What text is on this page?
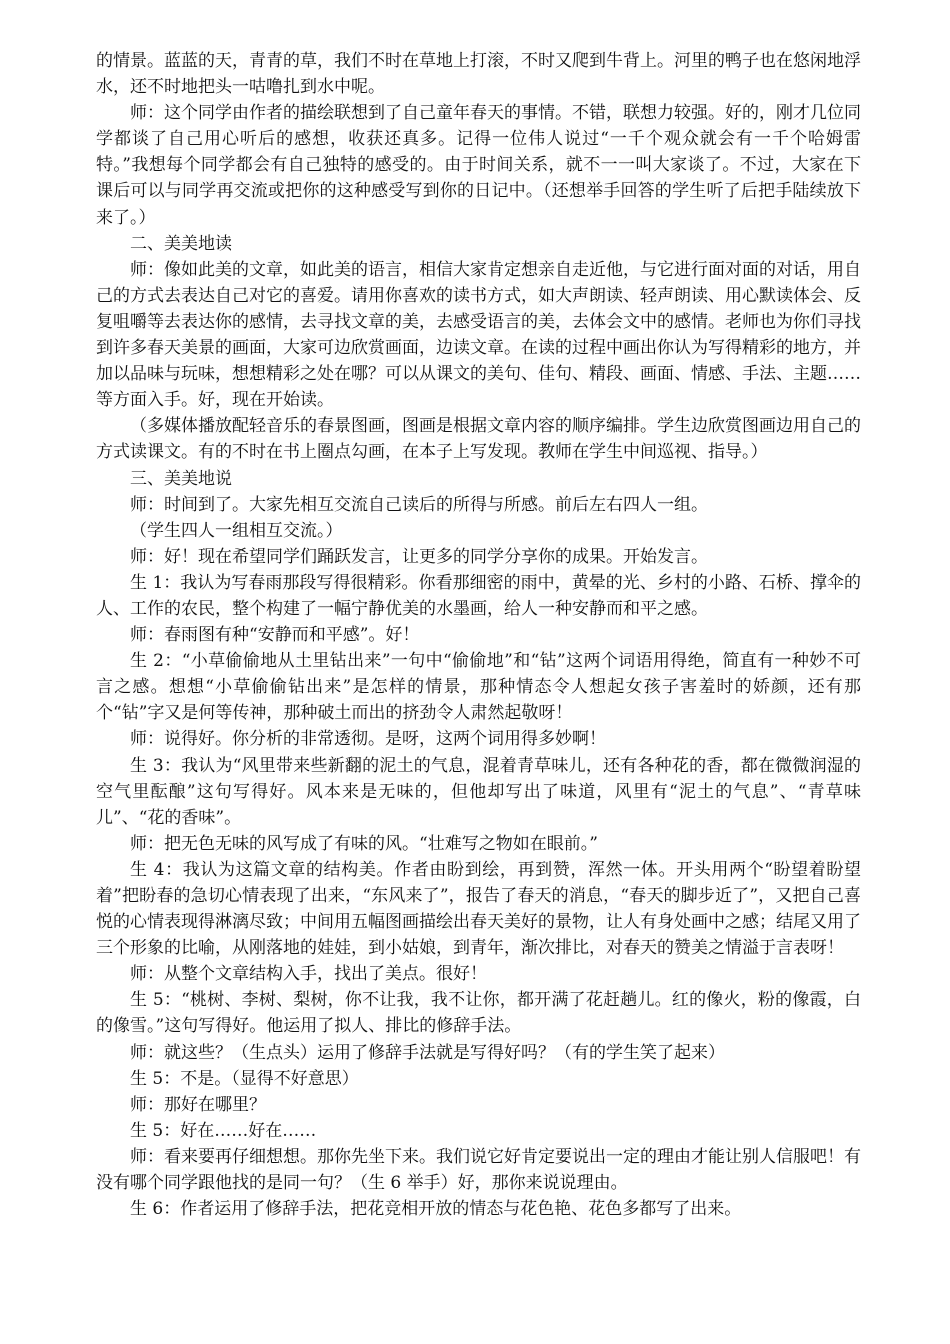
的情景。蓝蓝的天，青青的草，我们不时在草地上打滚，不时又爬到牛背上。河里的鸭子也在悠闲地浮水，还不时地把头一咕噜扎到水中呢。

师：这个同学由作者的描绘联想到了自己童年春天的事情。不错，联想力较强。好的，刚才几位同学都谈了自己用心听后的感想，收获还真多。记得一位伟人说过“一千个观众就会有一千个哈姆雷特。”我想每个同学都会有自己独特的感受的。由于时间关系，就不一一叫大家谈了。不过，大家在下课后可以与同学再交流或把你的这种感受写到你的日记中。（还想举手回答的学生听了后把手陆续放下来了。）

二、美美地读

师：像如此美的文章，如此美的语言，相信大家肯定想亲自走近他，与它进行面对面的对话，用自己的方式去表达自己对它的喜爱。请用你喜欢的读书方式，如大声朗读、轻声朗读、用心默读体会、反复咀嚼等去表达你的感情，去寻找文章的美，去感受语言的美，去体会文中的感情。老师也为你们寻找到许多春天美景的画面，大家可边欣赏画面，边读文章。在读的过程中画出你认为写得精彩的地方，并加以品味与玩味，想想精彩之处在哪？可以从课文的美句、佳句、精段、画面、情感、手法、主题……等方面入手。好，现在开始读。

（多媒体播放配轻音乐的春景图画，图画是根据文章内容的顺序编排。学生边欣赏图画边用自己的方式读课文。有的不时在书上圈点勾画，在本子上写发现。教师在学生中间巡视、指导。）

三、美美地说

师：时间到了。大家先相互交流自己读后的所得与所感。前后左右四人一组。

（学生四人一组相互交流。）

师：好！现在希望同学们踊跃发言，让更多的同学分享你的成果。开始发言。

生 1：我认为写春雨那段写得很精彩。你看那细密的雨中，黄晕的光、乡村的小路、石桥、撑伞的人、工作的农民，整个构建了一幅宁静优美的水墨画，给人一种安静而和平之感。

师：春雨图有种“安静而和平感”。好！

生 2：“小草偷偷地从土里钻出来”一句中“偷偷地”和“钻”这两个词语用得绝，简直有一种妙不可言之感。想想“小草偷偷钻出来”是怎样的情景，那种情态令人想起女孩子害羞时的娇颜，还有那个“钻”字又是何等传神，那种破土而出的挤劲令人肃然起敬呀！

师：说得好。你分析的非常透彻。是呀，这两个词用得多妙啊！

生 3：我认为“风里带来些新翻的泥土的气息，混着青草味儿，还有各种花的香，都在微微润湿的空气里酝酿”这句写得好。风本来是无味的，但他却写出了味道，风里有“泥土的气息”、“青草味儿”、“花的香味”。

师：把无色无味的风写成了有味的风。“壮难写之物如在眼前。”

生 4：我认为这篇文章的结构美。作者由盼到绘，再到赞，浑然一体。开头用两个“盼望着盼望着”把盼春的急切心情表现了出来，“东风来了”，报告了春天的消息，“春天的脚步近了”，又把自己喜悦的心情表现得淋漓尽致；中间用五幅图画描绘出春天美好的景物，让人有身处画中之感；结尾又用了三个形象的比喻，从刚落地的娃娃，到小姑娘，到青年，渐次排比，对春天的赞美之情溢于言表呀！

师：从整个文章结构入手，找出了美点。很好！

生 5：“桃树、李树、梨树，你不让我，我不让你，都开满了花赶趟儿。红的像火，粉的像霞，白的像雪。”这句写得好。他运用了拟人、排比的修辞手法。

师：就这些？（生点头）运用了修辞手法就是写得好吗？（有的学生笑了起来）

生 5：不是。（显得不好意思）

师：那好在哪里？

生 5：好在……好在……

师：看来要再仔细想想。那你先坐下来。我们说它好肯定要说出一定的理由才能让别人信服吧！有没有哪个同学跟他找的是同一句？（生 6 举手）好，那你来说说理由。

生 6：作者运用了修辞手法，把花竞相开放的情态与花色艳、花色多都写了出来。
